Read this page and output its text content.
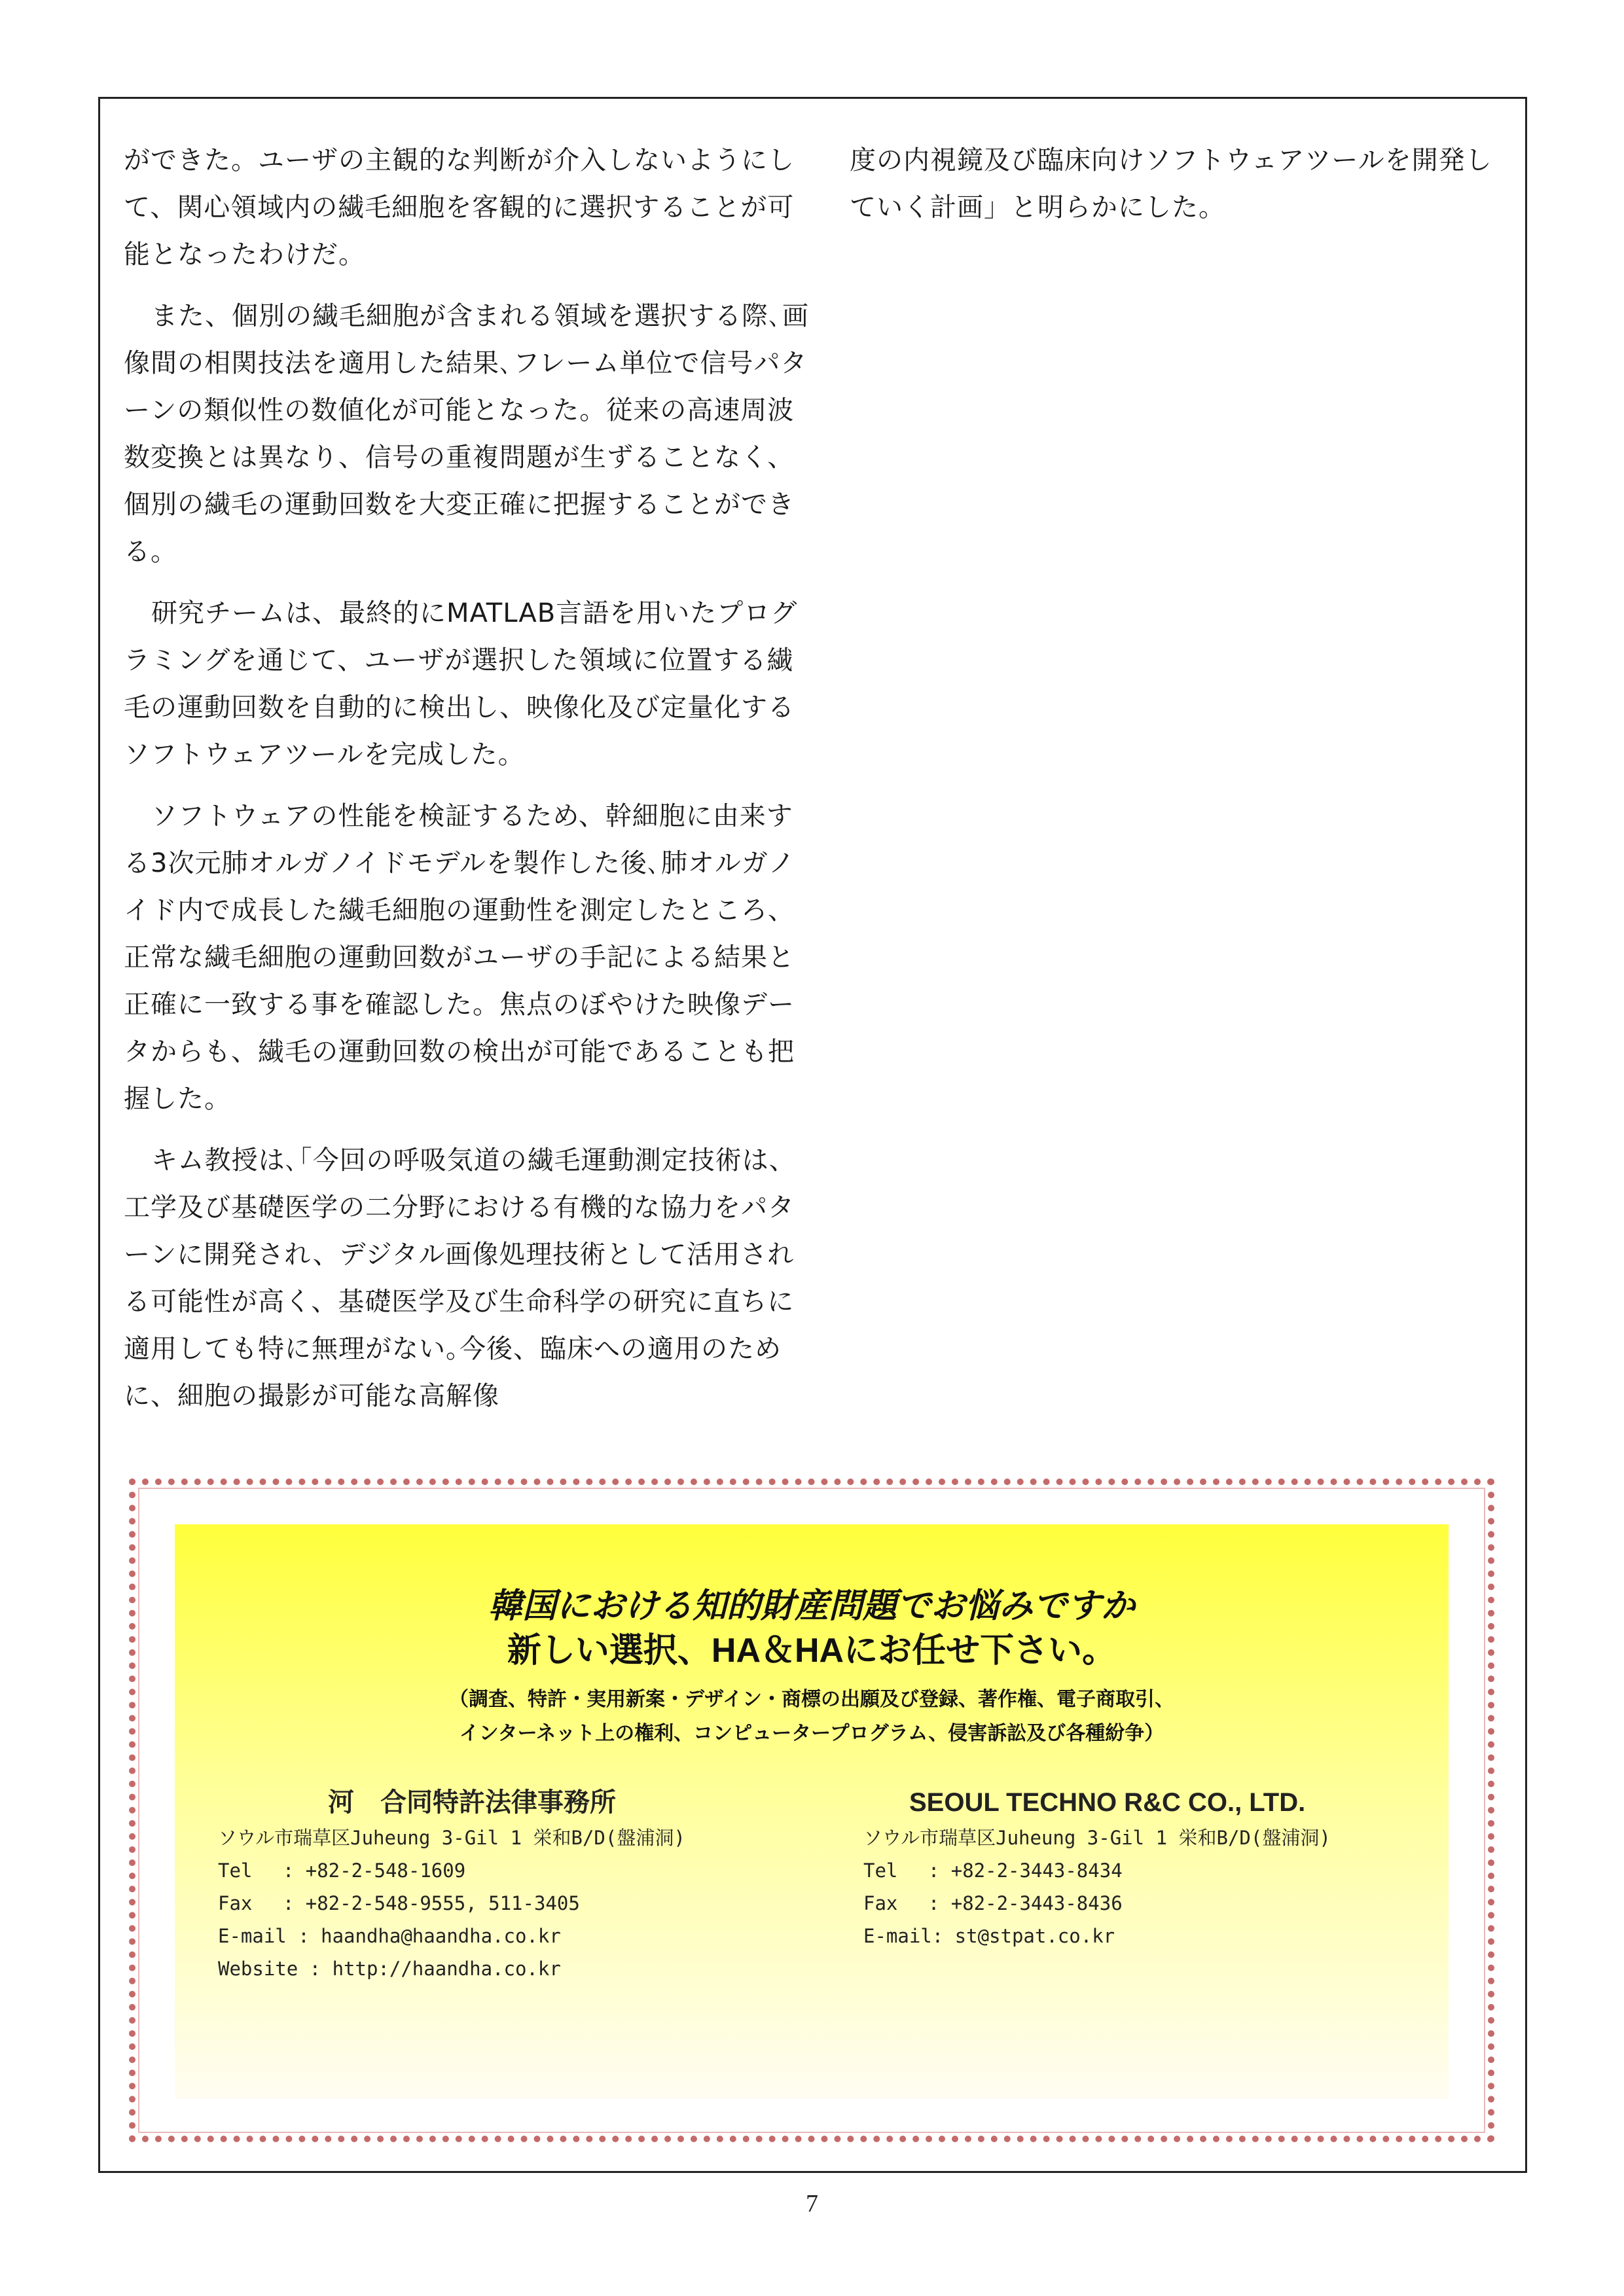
ができた。ユーザの主観的な判断が介入しないようにして、関心領域内の繊毛細胞を客観的に選択することが可能となったわけだ。

また、個別の繊毛細胞が含まれる領域を選択する際､画像間の相関技法を適用した結果､フレーム単位で信号パターンの類似性の数値化が可能となった。従来の高速周波数変換とは異なり、信号の重複問題が生ずることなく、個別の繊毛の運動回数を大変正確に把握することができる。

研究チームは、最終的にMATLAB言語を用いたプログラミングを通じて、ユーザが選択した領域に位置する繊毛の運動回数を自動的に検出し、映像化及び定量化するソフトウェアツールを完成した。

ソフトウェアの性能を検証するため、幹細胞に由来する3次元肺オルガノイドモデルを製作した後､肺オルガノイド内で成長した繊毛細胞の運動性を測定したところ、正常な繊毛細胞の運動回数がユーザの手記による結果と正確に一致する事を確認した。焦点のぼやけた映像データからも、繊毛の運動回数の検出が可能であることも把握した。

キム教授は､｢今回の呼吸気道の繊毛運動測定技術は、工学及び基礎医学の二分野における有機的な協力をパターンに開発され、デジタル画像処理技術として活用される可能性が高く、基礎医学及び生命科学の研究に直ちに適用しても特に無理がない｡今後、臨床への適用のために、細胞の撮影が可能な高解像

度の内視鏡及び臨床向けソフトウェアツールを開発していく計画」と明らかにした。

韓国における知的財産問題でお悩みですか
新しい選択、HA＆HAにお任せ下さい。
（調査、特許・実用新案・デザイン・商標の出願及び登録、著作権、電子商取引、
インターネット上の権利、コンピュータープログラム、侵害訴訟及び各種紛争）
河　合同特許法律事務所
ソウル市瑞草区Juheung 3-Gil 1 栄和B/D(盤浦洞)
Tel　 : +82-2-548-1609
Fax　 : +82-2-548-9555, 511-3405
E-mail : haandha@haandha.co.kr
Website : http://haandha.co.kr
SEOUL TECHNO R&C CO., LTD.
ソウル市瑞草区Juheung 3-Gil 1 栄和B/D(盤浦洞)
Tel　 : +82-2-3443-8434
Fax　 : +82-2-3443-8436
E-mail: st@stpat.co.kr
7
